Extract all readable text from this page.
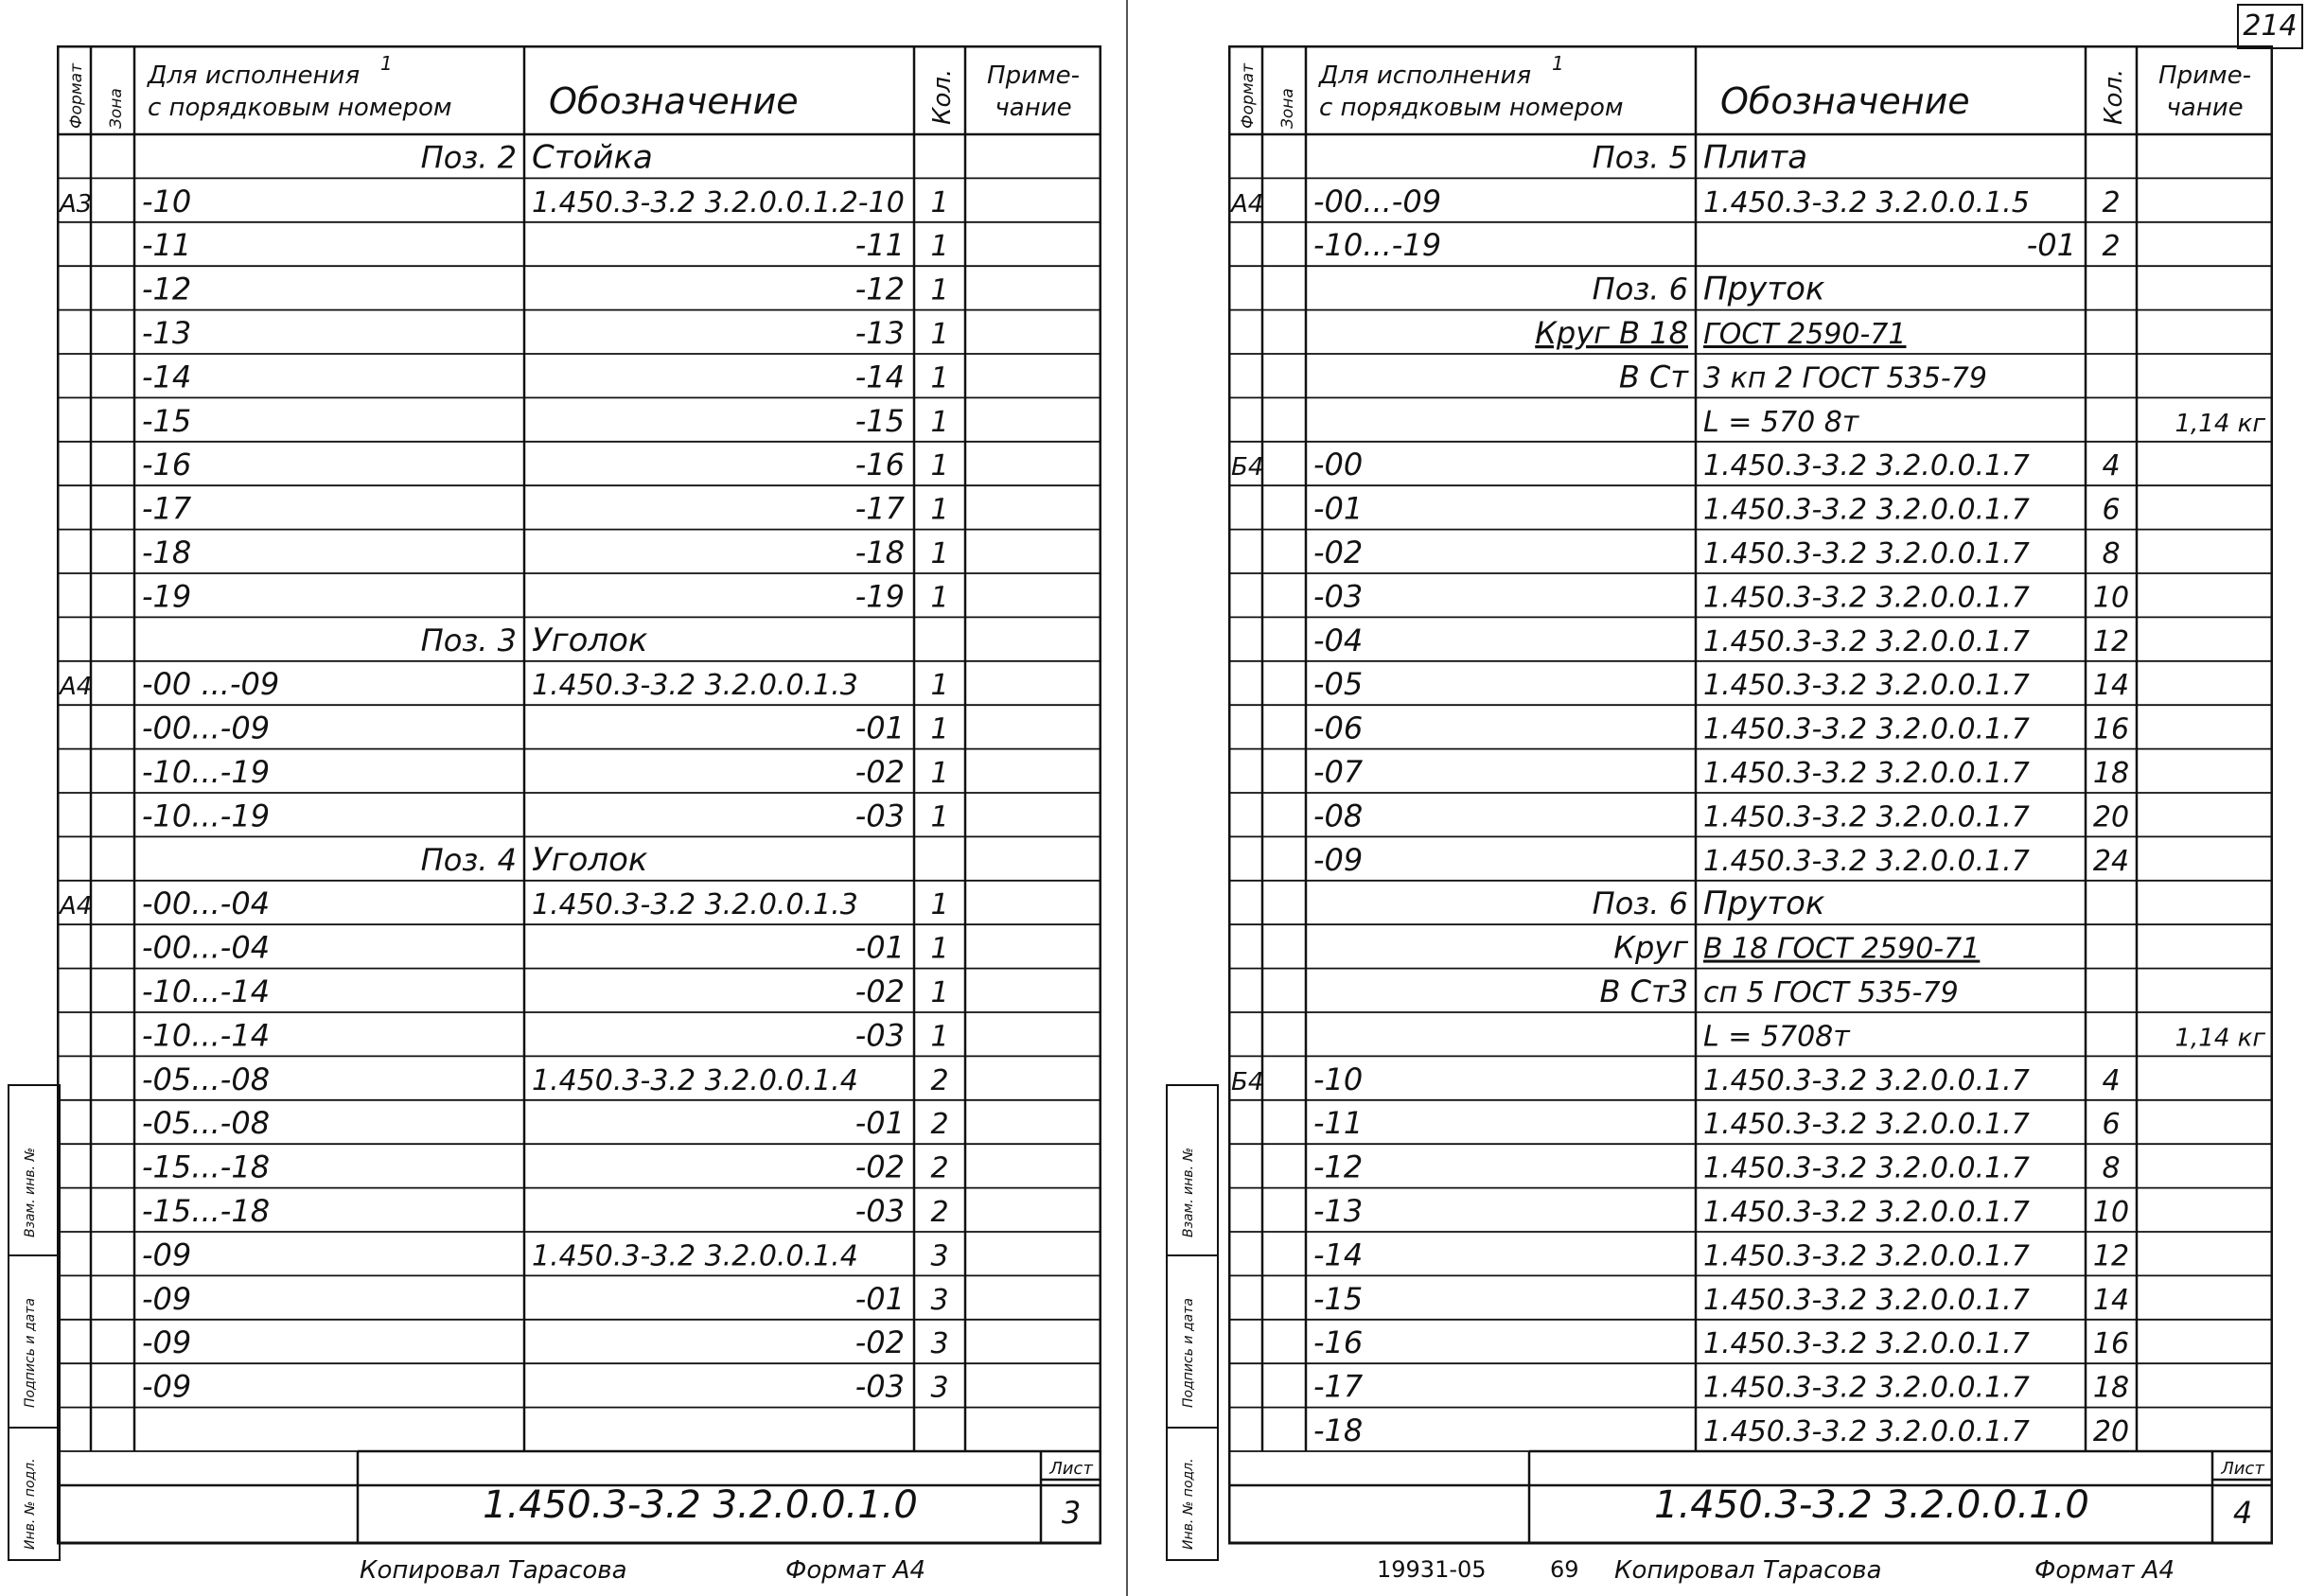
214
Взам. инв. №
Подпись и дата
Инв. № подл.
Взам. инв. №
Подпись и дата
Инв. № подл.
Формат Зона
Для исполнения 1
с порядковым номером	Обозначение	Кол. Приме-
чание
Поз. 2 Стойка
А3 -10	1.450.3-3.2 3.2.0.0.1.2-10 1
-11	-11 1
-12	-12 1
-13	-13 1
-14	-14 1
-15	-15 1
-16	-16 1
-17	-17 1
-18	-18 1
-19	-19 1
Поз. 3 Уголок
А4 -00 ...-09	1.450.3-3.2 3.2.0.0.1.3	1
-00...-09	-01 1
-10...-19	-02 1
-10...-19	-03 1
Поз. 4 Уголок
А4 -00...-04	1.450.3-3.2 3.2.0.0.1.3	1
-00...-04	-01 1
-10...-14	-02 1
-10...-14	-03 1
-05...-08	1.450.3-3.2 3.2.0.0.1.4	2
-05...-08	-01 2
-15...-18	-02 2
-15...-18	-03 2
-09	1.450.3-3.2 3.2.0.0.1.4	3
-09	-01 3
-09	-02 3
-09	-03 3
Лист
3
1.450.3-3.2 3.2.0.0.1.0
Копировал Тарасова	Формат А4
Формат Зона
Для исполнения 1
с порядковым номером	Обозначение	Кол. Приме-
чание
Поз. 5 Плита
А4 -00...-09	1.450.3-3.2 3.2.0.0.1.5	2
-10...-19	-01 2
Поз. 6 Пруток
Круг В 18 ГОСТ 2590-71
В Ст 3 кп 2 ГОСТ 535-79
L = 570 8т	1,14 кг
Б4 -00	1.450.3-3.2 3.2.0.0.1.7	4
-01	1.450.3-3.2 3.2.0.0.1.7	6
-02	1.450.3-3.2 3.2.0.0.1.7	8
-03	1.450.3-3.2 3.2.0.0.1.7 10
-04	1.450.3-3.2 3.2.0.0.1.7 12
-05	1.450.3-3.2 3.2.0.0.1.7 14
-06	1.450.3-3.2 3.2.0.0.1.7 16
-07	1.450.3-3.2 3.2.0.0.1.7 18
-08	1.450.3-3.2 3.2.0.0.1.7 20
-09	1.450.3-3.2 3.2.0.0.1.7 24
Поз. 6 Пруток
Круг В 18 ГОСТ 2590-71
В Ст3 сп 5 ГОСТ 535-79
L = 5708т	1,14 кг
Б4 -10	1.450.3-3.2 3.2.0.0.1.7	4
-11	1.450.3-3.2 3.2.0.0.1.7	6
-12	1.450.3-3.2 3.2.0.0.1.7	8
-13	1.450.3-3.2 3.2.0.0.1.7 10
-14	1.450.3-3.2 3.2.0.0.1.7 12
-15	1.450.3-3.2 3.2.0.0.1.7 14
-16	1.450.3-3.2 3.2.0.0.1.7 16
-17	1.450.3-3.2 3.2.0.0.1.7 18
-18	1.450.3-3.2 3.2.0.0.1.7 20
Лист
4
1.450.3-3.2 3.2.0.0.1.0
19931-05	69 Копировал Тарасова	Формат А4
